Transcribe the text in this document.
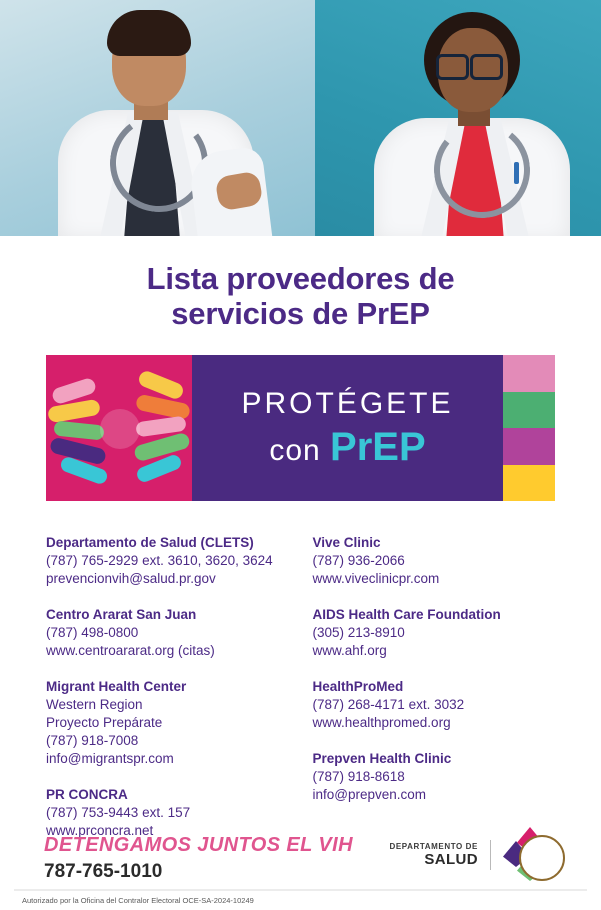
Lista proveedores de
servicios de PrEP
PROTÉGETE
con PrEP
Departamento de Salud (CLETS)
(787) 765-2929 ext. 3610, 3620, 3624
prevencionvih@salud.pr.gov
Centro Ararat San Juan
(787) 498-0800
www.centroararat.org (citas)
Migrant Health Center
Western Region
Proyecto Prepárate
(787) 918-7008
info@migrantspr.com
PR CONCRA
(787) 753-9443 ext. 157
www.prconcra.net
Vive Clinic
(787) 936-2066
www.viveclinicpr.com
AIDS Health Care Foundation
(305) 213-8910
www.ahf.org
HealthProMed
(787) 268-4171 ext. 3032
www.healthpromed.org
Prepven Health Clinic
(787) 918-8618
info@prepven.com
DETENGAMOS JUNTOS EL VIH
787-765-1010
DEPARTAMENTO DE
SALUD
Autorizado por la Oficina del Contralor Electoral OCE-SA-2024-10249
